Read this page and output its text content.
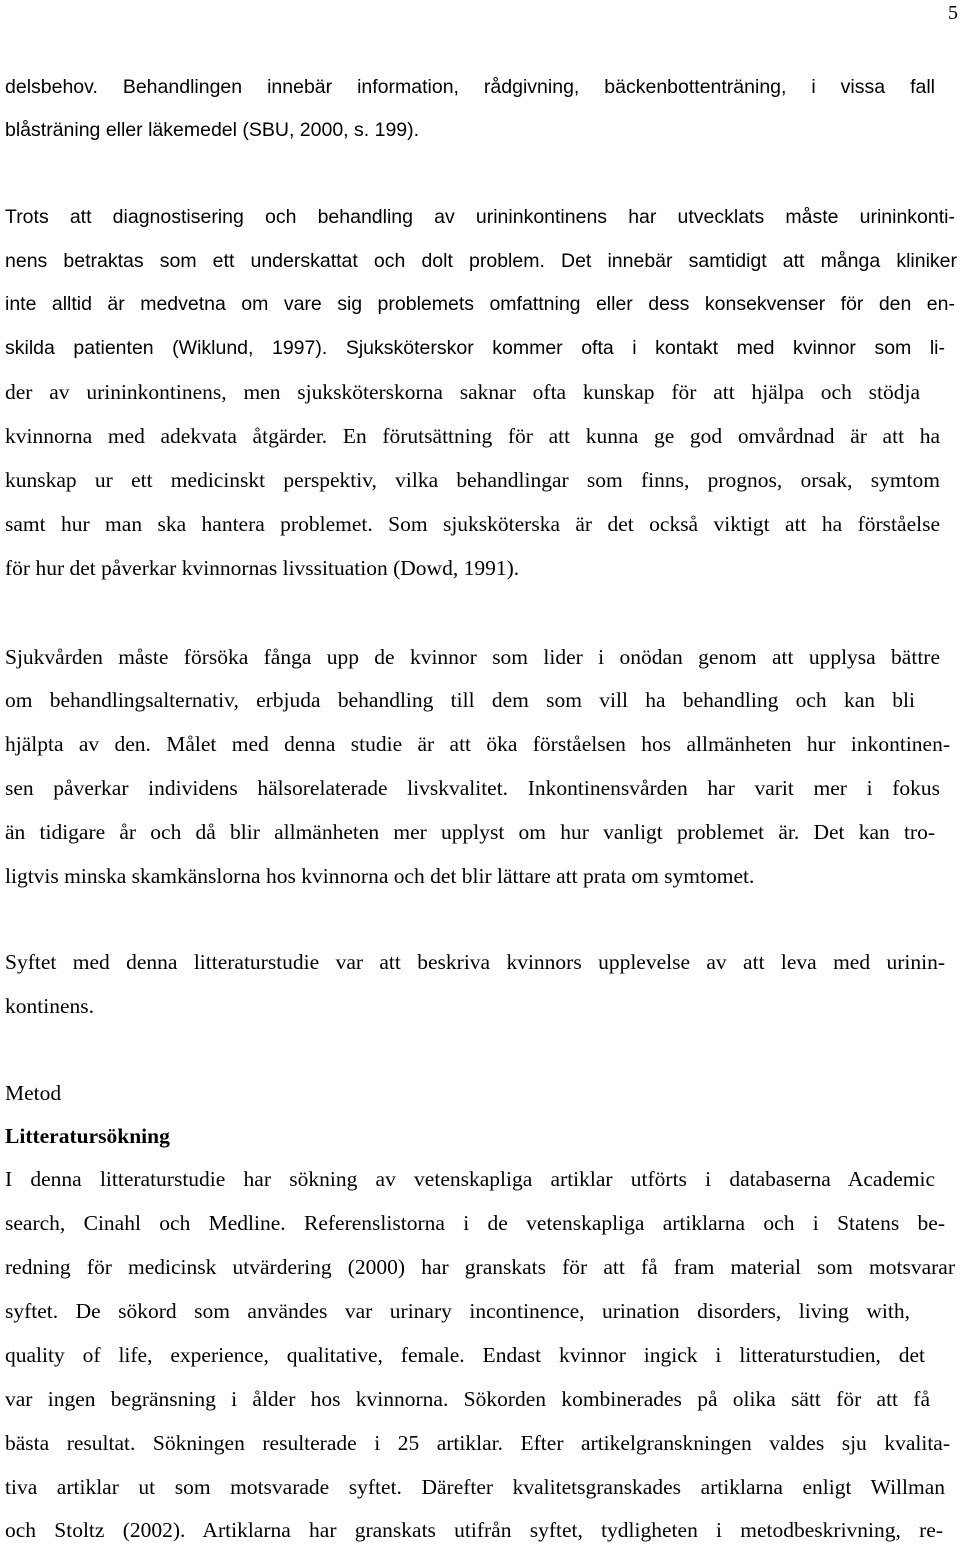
5
delsbehov. Behandlingen innebär information, rådgivning, bäckenbottenträning, i vissa fall
blåsträning eller läkemedel (SBU, 2000, s. 199).
Trots att diagnostisering och behandling av urininkontinens har utvecklats måste urininkonti-
nens betraktas som ett underskattat och dolt problem. Det innebär samtidigt att många kliniker
inte alltid är medvetna om vare sig problemets omfattning eller dess konsekvenser för den en-
skilda patienten (Wiklund, 1997). Sjuksköterskor kommer ofta i kontakt med kvinnor som li-
der av urininkontinens, men sjuksköterskorna saknar ofta kunskap för att hjälpa och stödja
kvinnorna med adekvata åtgärder. En förutsättning för att kunna ge god omvårdnad är att ha
kunskap ur ett medicinskt perspektiv, vilka behandlingar som finns, prognos, orsak, symtom
samt hur man ska hantera problemet. Som sjuksköterska är det också viktigt att ha förståelse
för hur det påverkar kvinnornas livssituation (Dowd, 1991).
Sjukvården måste försöka fånga upp de kvinnor som lider i onödan genom att upplysa bättre
om behandlingsalternativ, erbjuda behandling till dem som vill ha behandling och kan bli
hjälpta av den. Målet med denna studie är att öka förståelsen hos allmänheten hur inkontinen-
sen påverkar individens hälsorelaterade livskvalitet. Inkontinensvården har varit mer i fokus
än tidigare år och då blir allmänheten mer upplyst om hur vanligt problemet är. Det kan tro-
ligtvis minska skamkänslorna hos kvinnorna och det blir lättare att prata om symtomet.
Syftet med denna litteraturstudie var att beskriva kvinnors upplevelse av att leva med urinin-
kontinens.
Metod
Litteratursökning
I denna litteraturstudie har sökning av vetenskapliga artiklar utförts i databaserna Academic
search, Cinahl och Medline. Referenslistorna i de vetenskapliga artiklarna och i Statens be-
redning för medicinsk utvärdering (2000) har granskats för att få fram material som motsvarar
syftet. De sökord som användes var urinary incontinence, urination disorders, living with,
quality of life, experience, qualitative, female. Endast kvinnor ingick i litteraturstudien, det
var ingen begränsning i ålder hos kvinnorna. Sökorden kombinerades på olika sätt för att få
bästa resultat. Sökningen resulterade i 25 artiklar. Efter artikelgranskningen valdes sju kvalita-
tiva artiklar ut som motsvarade syftet. Därefter kvalitetsgranskades artiklarna enligt Willman
och Stoltz (2002). Artiklarna har granskats utifrån syftet, tydligheten i metodbeskrivning, re-
